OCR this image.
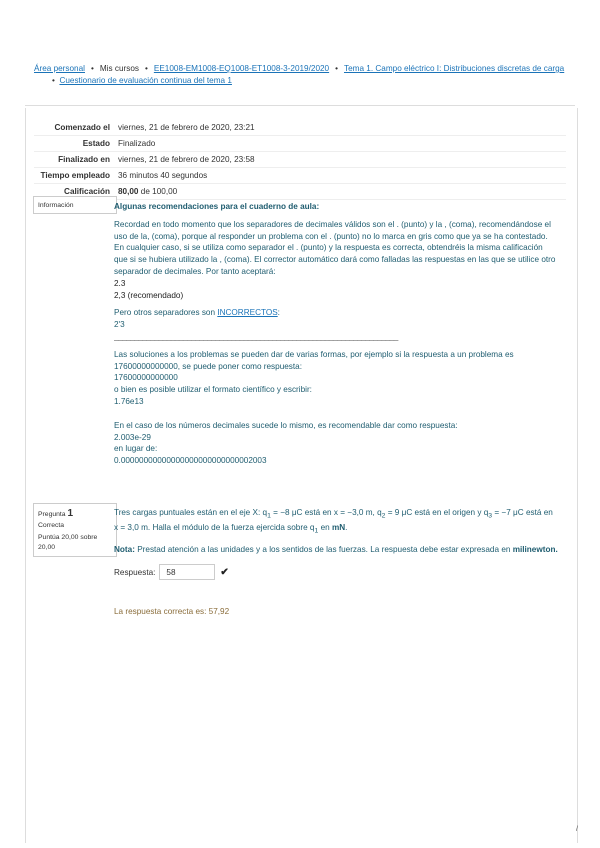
Área personal • Mis cursos • EE1008-EM1008-EQ1008-ET1008-3-2019/2020 • Tema 1. Campo eléctrico I: Distribuciones discretas de carga
• Cuestionario de evaluación continua del tema 1
Comenzado el	viernes, 21 de febrero de 2020, 23:21
Estado	Finalizado
Finalizado en	viernes, 21 de febrero de 2020, 23:58
Tiempo empleado	36 minutos 40 segundos
Calificación	80,00 de 100,00
Información	Algunas recomendaciones para el cuaderno de aula:

Recordad en todo momento que los separadores de decimales válidos son el . (punto) y la , (coma), recomendándose el uso de la, (coma), porque al responder un problema con el . (punto) no lo marca en gris como que ya se ha contestado. En cualquier caso, si se utiliza como separador el . (punto) y la respuesta es correcta, obtendréis la misma calificación que si se hubiera utilizado la , (coma). El corrector automático dará como falladas las respuestas en las que se utilice otro separador de decimales. Por tanto aceptará:

2.3

2,3 (recomendado)

Pero otros separadores son INCORRECTOS:

2'3

______________________________________________________________________

Las soluciones a los problemas se pueden dar de varias formas, por ejemplo si la respuesta a un problema es 17600000000000, se puede poner como respuesta:

17600000000000

o bien es posible utilizar el formato científico y escribir:

1.76e13

En el caso de los números decimales sucede lo mismo, es recomendable dar como respuesta:

2.003e-29

en lugar de:

0.00000000000000000000000000002003

Pregunta 1
Correcta
Puntúa 20,00 sobre 20,00

Tres cargas puntuales están en el eje X: $q_1 = -8$ μC está en x = −3,0 m, $q_2 = 9$ μC está en el origen y $q_3 = -7$ μC está en x = 3,0 m. Halla el módulo de la fuerza ejercida sobre $q_1$ en mN.

Nota: Prestad atención a las unidades y a los sentidos de las fuerzas. La respuesta debe estar expresada en milinewton.

Respuesta:	58	✔
La respuesta correcta es: 57,92
/
